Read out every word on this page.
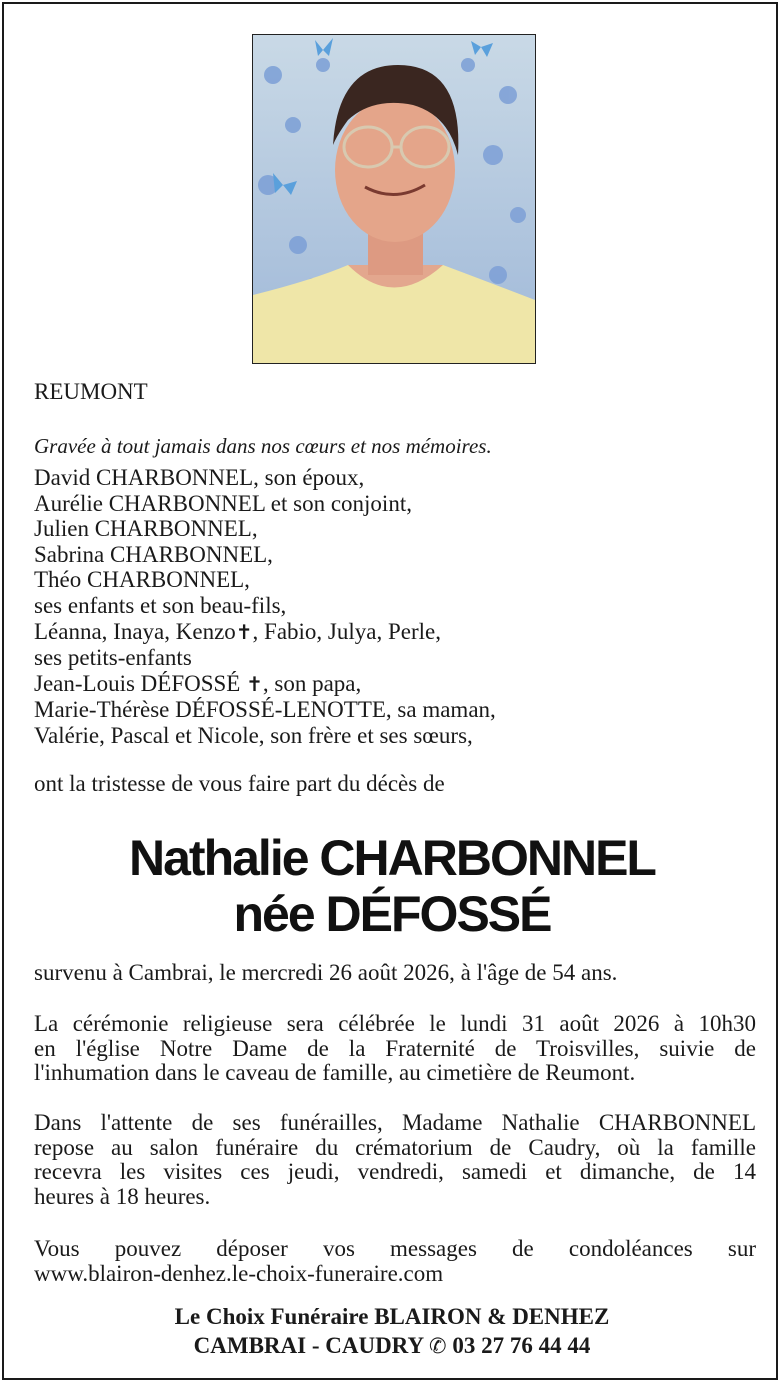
REUMONT
Gravée à tout jamais dans nos cœurs et nos mémoires.
David CHARBONNEL, son époux,
Aurélie CHARBONNEL et son conjoint,
Julien CHARBONNEL,
Sabrina CHARBONNEL,
Théo CHARBONNEL,
ses enfants et son beau-fils,
Léanna, Inaya, Kenzo✝, Fabio, Julya, Perle,
ses petits-enfants
Jean-Louis DÉFOSSÉ ✝, son papa,
Marie-Thérèse DÉFOSSÉ-LENOTTE, sa maman,
Valérie, Pascal et Nicole, son frère et ses sœurs,
ont la tristesse de vous faire part du décès de
Nathalie CHARBONNEL
née DÉFOSSÉ
survenu à Cambrai, le mercredi 26 août 2026, à l'âge de 54 ans.
La cérémonie religieuse sera célébrée le lundi 31 août 2026 à 10h30
en l'église Notre Dame de la Fraternité de Troisvilles, suivie de
l'inhumation dans le caveau de famille, au cimetière de Reumont.
Dans l'attente de ses funérailles, Madame Nathalie CHARBONNEL
repose au salon funéraire du crématorium de Caudry, où la famille
recevra les visites ces jeudi, vendredi, samedi et dimanche, de 14
heures à 18 heures.
Vous pouvez déposer vos messages de condoléances sur
www.blairon-denhez.le-choix-funeraire.com
Le Choix Funéraire BLAIRON & DENHEZ
CAMBRAI - CAUDRY ✆ 03 27 76 44 44
